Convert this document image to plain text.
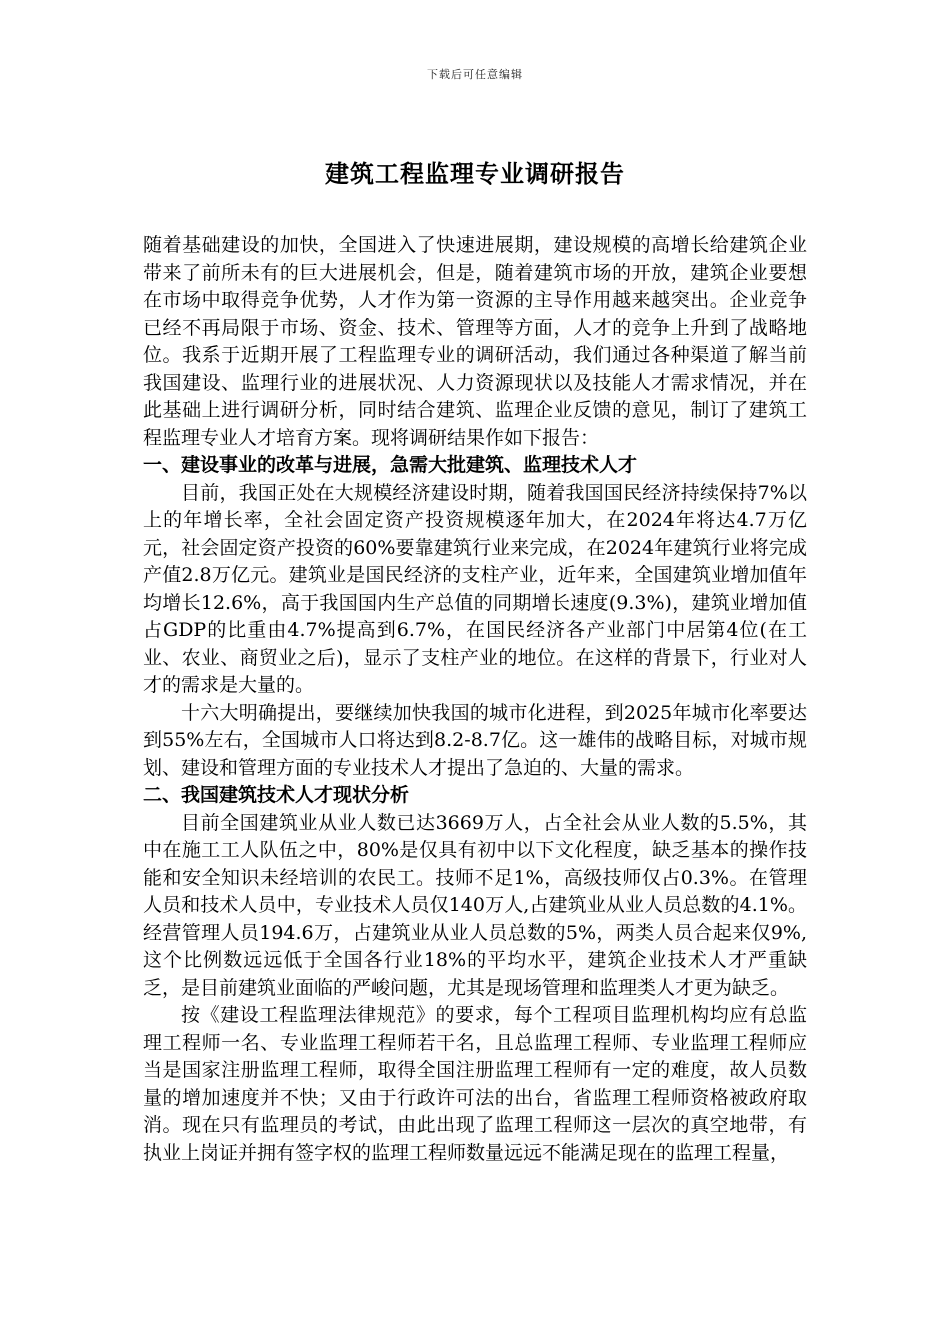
下载后可任意编辑
建筑工程监理专业调研报告

随着基础建设的加快，全国进入了快速进展期，建设规模的高增长给建筑企业带来了前所未有的巨大进展机会，但是，随着建筑市场的开放，建筑企业要想在市场中取得竞争优势，人才作为第一资源的主导作用越来越突出。企业竞争已经不再局限于市场、资金、技术、管理等方面，人才的竞争上升到了战略地位。我系于近期开展了工程监理专业的调研活动，我们通过各种渠道了解当前我国建设、监理行业的进展状况、人力资源现状以及技能人才需求情况，并在此基础上进行调研分析，同时结合建筑、监理企业反馈的意见，制订了建筑工程监理专业人才培育方案。现将调研结果作如下报告：

一、建设事业的改革与进展，急需大批建筑、监理技术人才

目前，我国正处在大规模经济建设时期，随着我国国民经济持续保持7%以上的年增长率，全社会固定资产投资规模逐年加大，在2024年将达4.7万亿元，社会固定资产投资的60%要靠建筑行业来完成，在2024年建筑行业将完成产值2.8万亿元。建筑业是国民经济的支柱产业，近年来，全国建筑业增加值年均增长12.6%，高于我国国内生产总值的同期增长速度(9.3%)，建筑业增加值占GDP的比重由4.7%提高到6.7%，在国民经济各产业部门中居第4位(在工业、农业、商贸业之后)，显示了支柱产业的地位。在这样的背景下，行业对人才的需求是大量的。

十六大明确提出，要继续加快我国的城市化进程，到2025年城市化率要达到55%左右，全国城市人口将达到8.2-8.7亿。这一雄伟的战略目标，对城市规划、建设和管理方面的专业技术人才提出了急迫的、大量的需求。

二、我国建筑技术人才现状分析

目前全国建筑业从业人数已达3669万人，占全社会从业人数的5.5%，其中在施工工人队伍之中，80%是仅具有初中以下文化程度，缺乏基本的操作技能和安全知识未经培训的农民工。技师不足1%，高级技师仅占0.3%。在管理人员和技术人员中，专业技术人员仅140万人,占建筑业从业人员总数的4.1%。经营管理人员194.6万，占建筑业从业人员总数的5%，两类人员合起来仅9%,这个比例数远远低于全国各行业18%的平均水平，建筑企业技术人才严重缺乏，是目前建筑业面临的严峻问题，尤其是现场管理和监理类人才更为缺乏。

按《建设工程监理法律规范》的要求，每个工程项目监理机构均应有总监理工程师一名、专业监理工程师若干名，且总监理工程师、专业监理工程师应当是国家注册监理工程师，取得全国注册监理工程师有一定的难度，故人员数量的增加速度并不快；又由于行政许可法的出台，省监理工程师资格被政府取消。现在只有监理员的考试，由此出现了监理工程师这一层次的真空地带，有执业上岗证并拥有签字权的监理工程师数量远远不能满足现在的监理工程量，
